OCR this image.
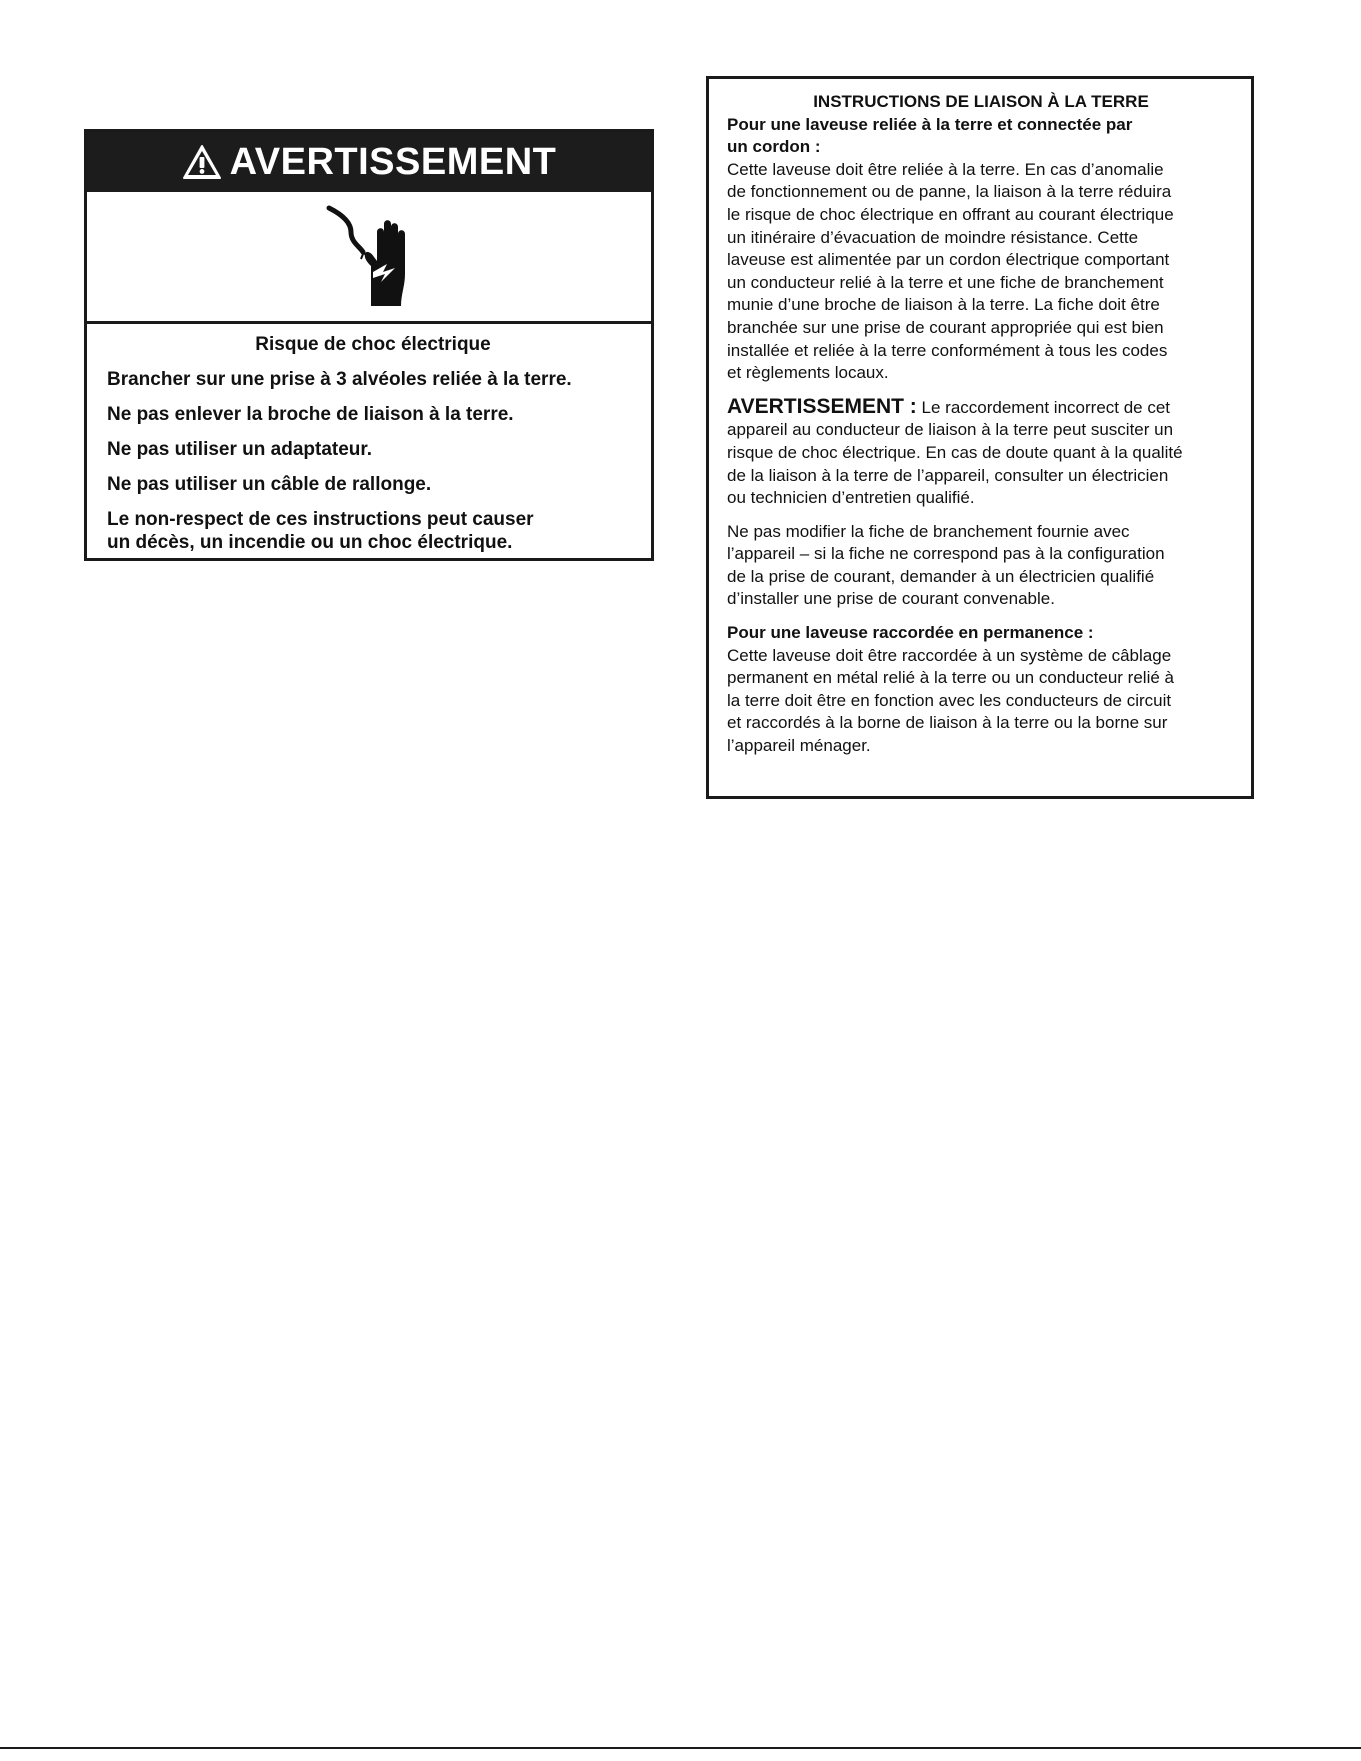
AVERTISSEMENT

Risque de choc électrique

Brancher sur une prise à 3 alvéoles reliée à la terre.

Ne pas enlever la broche de liaison à la terre.

Ne pas utiliser un adaptateur.

Ne pas utiliser un câble de rallonge.

Le non-respect de ces instructions peut causer
un décès, un incendie ou un choc électrique.

INSTRUCTIONS DE LIAISON À LA TERRE

Pour une laveuse reliée à la terre et connectée par
un cordon :

Cette laveuse doit être reliée à la terre. En cas d’anomalie
de fonctionnement ou de panne, la liaison à la terre réduira
le risque de choc électrique en offrant au courant électrique
un itinéraire d’évacuation de moindre résistance. Cette
laveuse est alimentée par un cordon électrique comportant
un conducteur relié à la terre et une fiche de branchement
munie d’une broche de liaison à la terre. La fiche doit être
branchée sur une prise de courant appropriée qui est bien
installée et reliée à la terre conformément à tous les codes
et règlements locaux.

AVERTISSEMENT : Le raccordement incorrect de cet
appareil au conducteur de liaison à la terre peut susciter un
risque de choc électrique. En cas de doute quant à la qualité
de la liaison à la terre de l’appareil, consulter un électricien
ou technicien d’entretien qualifié.

Ne pas modifier la fiche de branchement fournie avec
l’appareil – si la fiche ne correspond pas à la configuration
de la prise de courant, demander à un électricien qualifié
d’installer une prise de courant convenable.

Pour une laveuse raccordée en permanence :

Cette laveuse doit être raccordée à un système de câblage
permanent en métal relié à la terre ou un conducteur relié à
la terre doit être en fonction avec les conducteurs de circuit
et raccordés à la borne de liaison à la terre ou la borne sur
l’appareil ménager.
